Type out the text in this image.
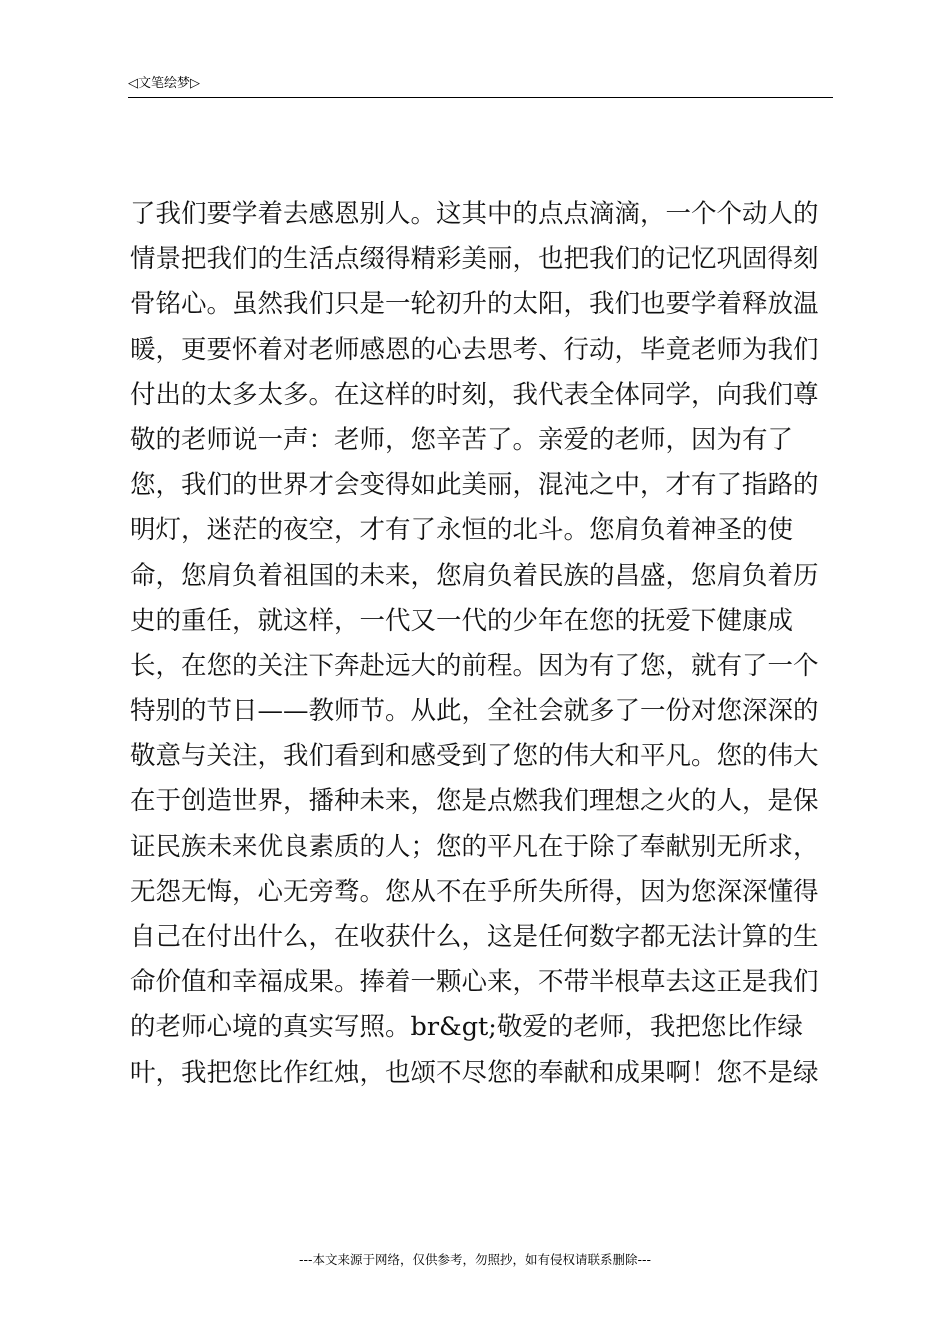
◁文笔绘梦▷
了我们要学着去感恩别人。这其中的点点滴滴，一个个动人的
情景把我们的生活点缀得精彩美丽，也把我们的记忆巩固得刻
骨铭心。虽然我们只是一轮初升的太阳，我们也要学着释放温
暖，更要怀着对老师感恩的心去思考、行动，毕竟老师为我们
付出的太多太多。在这样的时刻，我代表全体同学，向我们尊
敬的老师说一声：老师，您辛苦了。亲爱的老师，因为有了
您，我们的世界才会变得如此美丽，混沌之中，才有了指路的
明灯，迷茫的夜空，才有了永恒的北斗。您肩负着神圣的使
命，您肩负着祖国的未来，您肩负着民族的昌盛，您肩负着历
史的重任，就这样，一代又一代的少年在您的抚爱下健康成
长，在您的关注下奔赴远大的前程。因为有了您，就有了一个
特别的节日——教师节。从此，全社会就多了一份对您深深的
敬意与关注，我们看到和感受到了您的伟大和平凡。您的伟大
在于创造世界，播种未来，您是点燃我们理想之火的人，是保
证民族未来优良素质的人；您的平凡在于除了奉献别无所求，
无怨无悔，心无旁骛。您从不在乎所失所得，因为您深深懂得
自己在付出什么，在收获什么，这是任何数字都无法计算的生
命价值和幸福成果。捧着一颗心来，不带半根草去这正是我们
的老师心境的真实写照。br&gt;敬爱的老师，我把您比作绿
叶，我把您比作红烛，也颂不尽您的奉献和成果啊！您不是绿
---本文来源于网络，仅供参考，勿照抄，如有侵权请联系删除---
